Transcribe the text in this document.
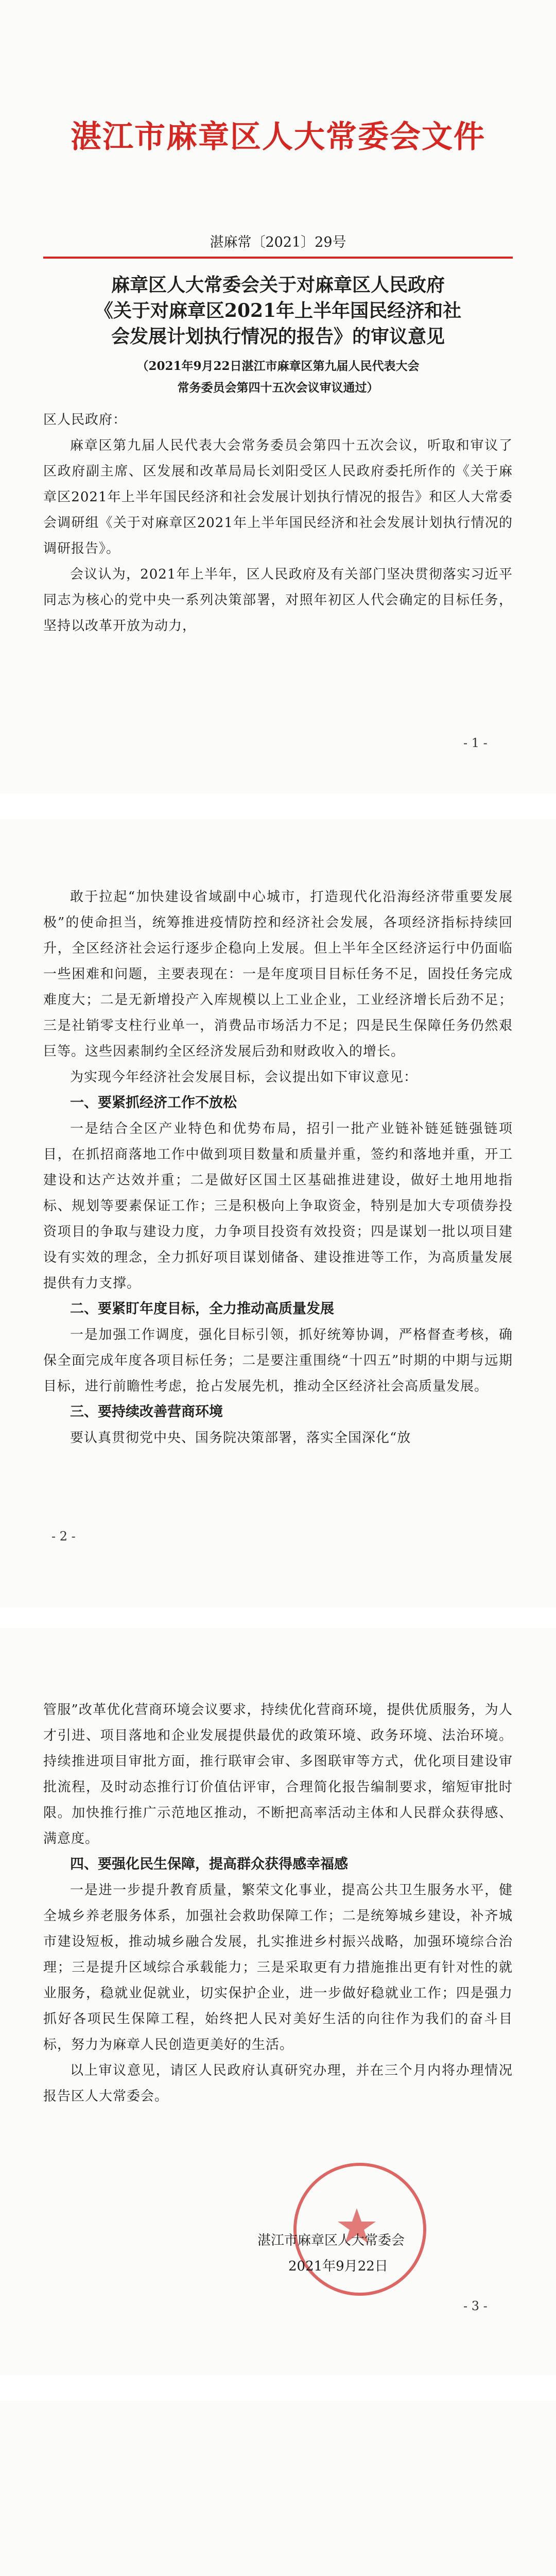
湛江市麻章区人大常委会文件
湛麻常〔2021〕29号
麻章区人大常委会关于对麻章区人民政府
《关于对麻章区2021年上半年国民经济和社
会发展计划执行情况的报告》的审议意见
（2021年9月22日湛江市麻章区第九届人民代表大会
常务委员会第四十五次会议审议通过）

区人民政府：

麻章区第九届人民代表大会常务委员会第四十五次会议，听取和审议了区政府副主席、区发展和改革局局长刘阳受区人民政府委托所作的《关于麻章区2021年上半年国民经济和社会发展计划执行情况的报告》和区人大常委会调研组《关于对麻章区2021年上半年国民经济和社会发展计划执行情况的调研报告》。

会议认为，2021年上半年，区人民政府及有关部门坚决贯彻落实习近平同志为核心的党中央一系列决策部署，对照年初区人代会确定的目标任务，坚持以改革开放为动力，

- 1 -

敢于拉起“加快建设省域副中心城市，打造现代化沿海经济带重要发展极”的使命担当，统筹推进疫情防控和经济社会发展，各项经济指标持续回升，全区经济社会运行逐步企稳向上发展。但上半年全区经济运行中仍面临一些困难和问题，主要表现在：一是年度项目目标任务不足，固投任务完成难度大；二是无新增投产入库规模以上工业企业，工业经济增长后劲不足；三是社销零支柱行业单一，消费品市场活力不足；四是民生保障任务仍然艰巨等。这些因素制约全区经济发展后劲和财政收入的增长。

为实现今年经济社会发展目标，会议提出如下审议意见：

一、要紧抓经济工作不放松

一是结合全区产业特色和优势布局，招引一批产业链补链延链强链项目，在抓招商落地工作中做到项目数量和质量并重，签约和落地并重，开工建设和达产达效并重；二是做好区国土区基础推进建设，做好土地用地指标、规划等要素保证工作；三是积极向上争取资金，特别是加大专项债券投资项目的争取与建设力度，力争项目投资有效投资；四是谋划一批以项目建设有实效的理念，全力抓好项目谋划储备、建设推进等工作，为高质量发展提供有力支撑。

二、要紧盯年度目标，全力推动高质量发展

一是加强工作调度，强化目标引领，抓好统筹协调，严格督查考核，确保全面完成年度各项目标任务；二是要注重围绕“十四五”时期的中期与远期目标，进行前瞻性考虑，抢占发展先机，推动全区经济社会高质量发展。

三、要持续改善营商环境

要认真贯彻党中央、国务院决策部署，落实全国深化“放

- 2 -

管服”改革优化营商环境会议要求，持续优化营商环境，提供优质服务，为人才引进、项目落地和企业发展提供最优的政策环境、政务环境、法治环境。持续推进项目审批方面，推行联审会审、多图联审等方式，优化项目建设审批流程，及时动态推行订价值估评审，合理简化报告编制要求，缩短审批时限。加快推行推广示范地区推动，不断把高率活动主体和人民群众获得感、满意度。

四、要强化民生保障，提高群众获得感幸福感

一是进一步提升教育质量，繁荣文化事业，提高公共卫生服务水平，健全城乡养老服务体系，加强社会救助保障工作；二是统筹城乡建设，补齐城市建设短板，推动城乡融合发展，扎实推进乡村振兴战略，加强环境综合治理；三是提升区域综合承载能力；三是采取更有力措施推出更有针对性的就业服务，稳就业促就业，切实保护企业，进一步做好稳就业工作；四是强力抓好各项民生保障工程，始终把人民对美好生活的向往作为我们的奋斗目标，努力为麻章人民创造更美好的生活。

以上审议意见，请区人民政府认真研究办理，并在三个月内将办理情况报告区人大常委会。

湛江市麻章区人大常委会
2021年9月22日
- 3 -
